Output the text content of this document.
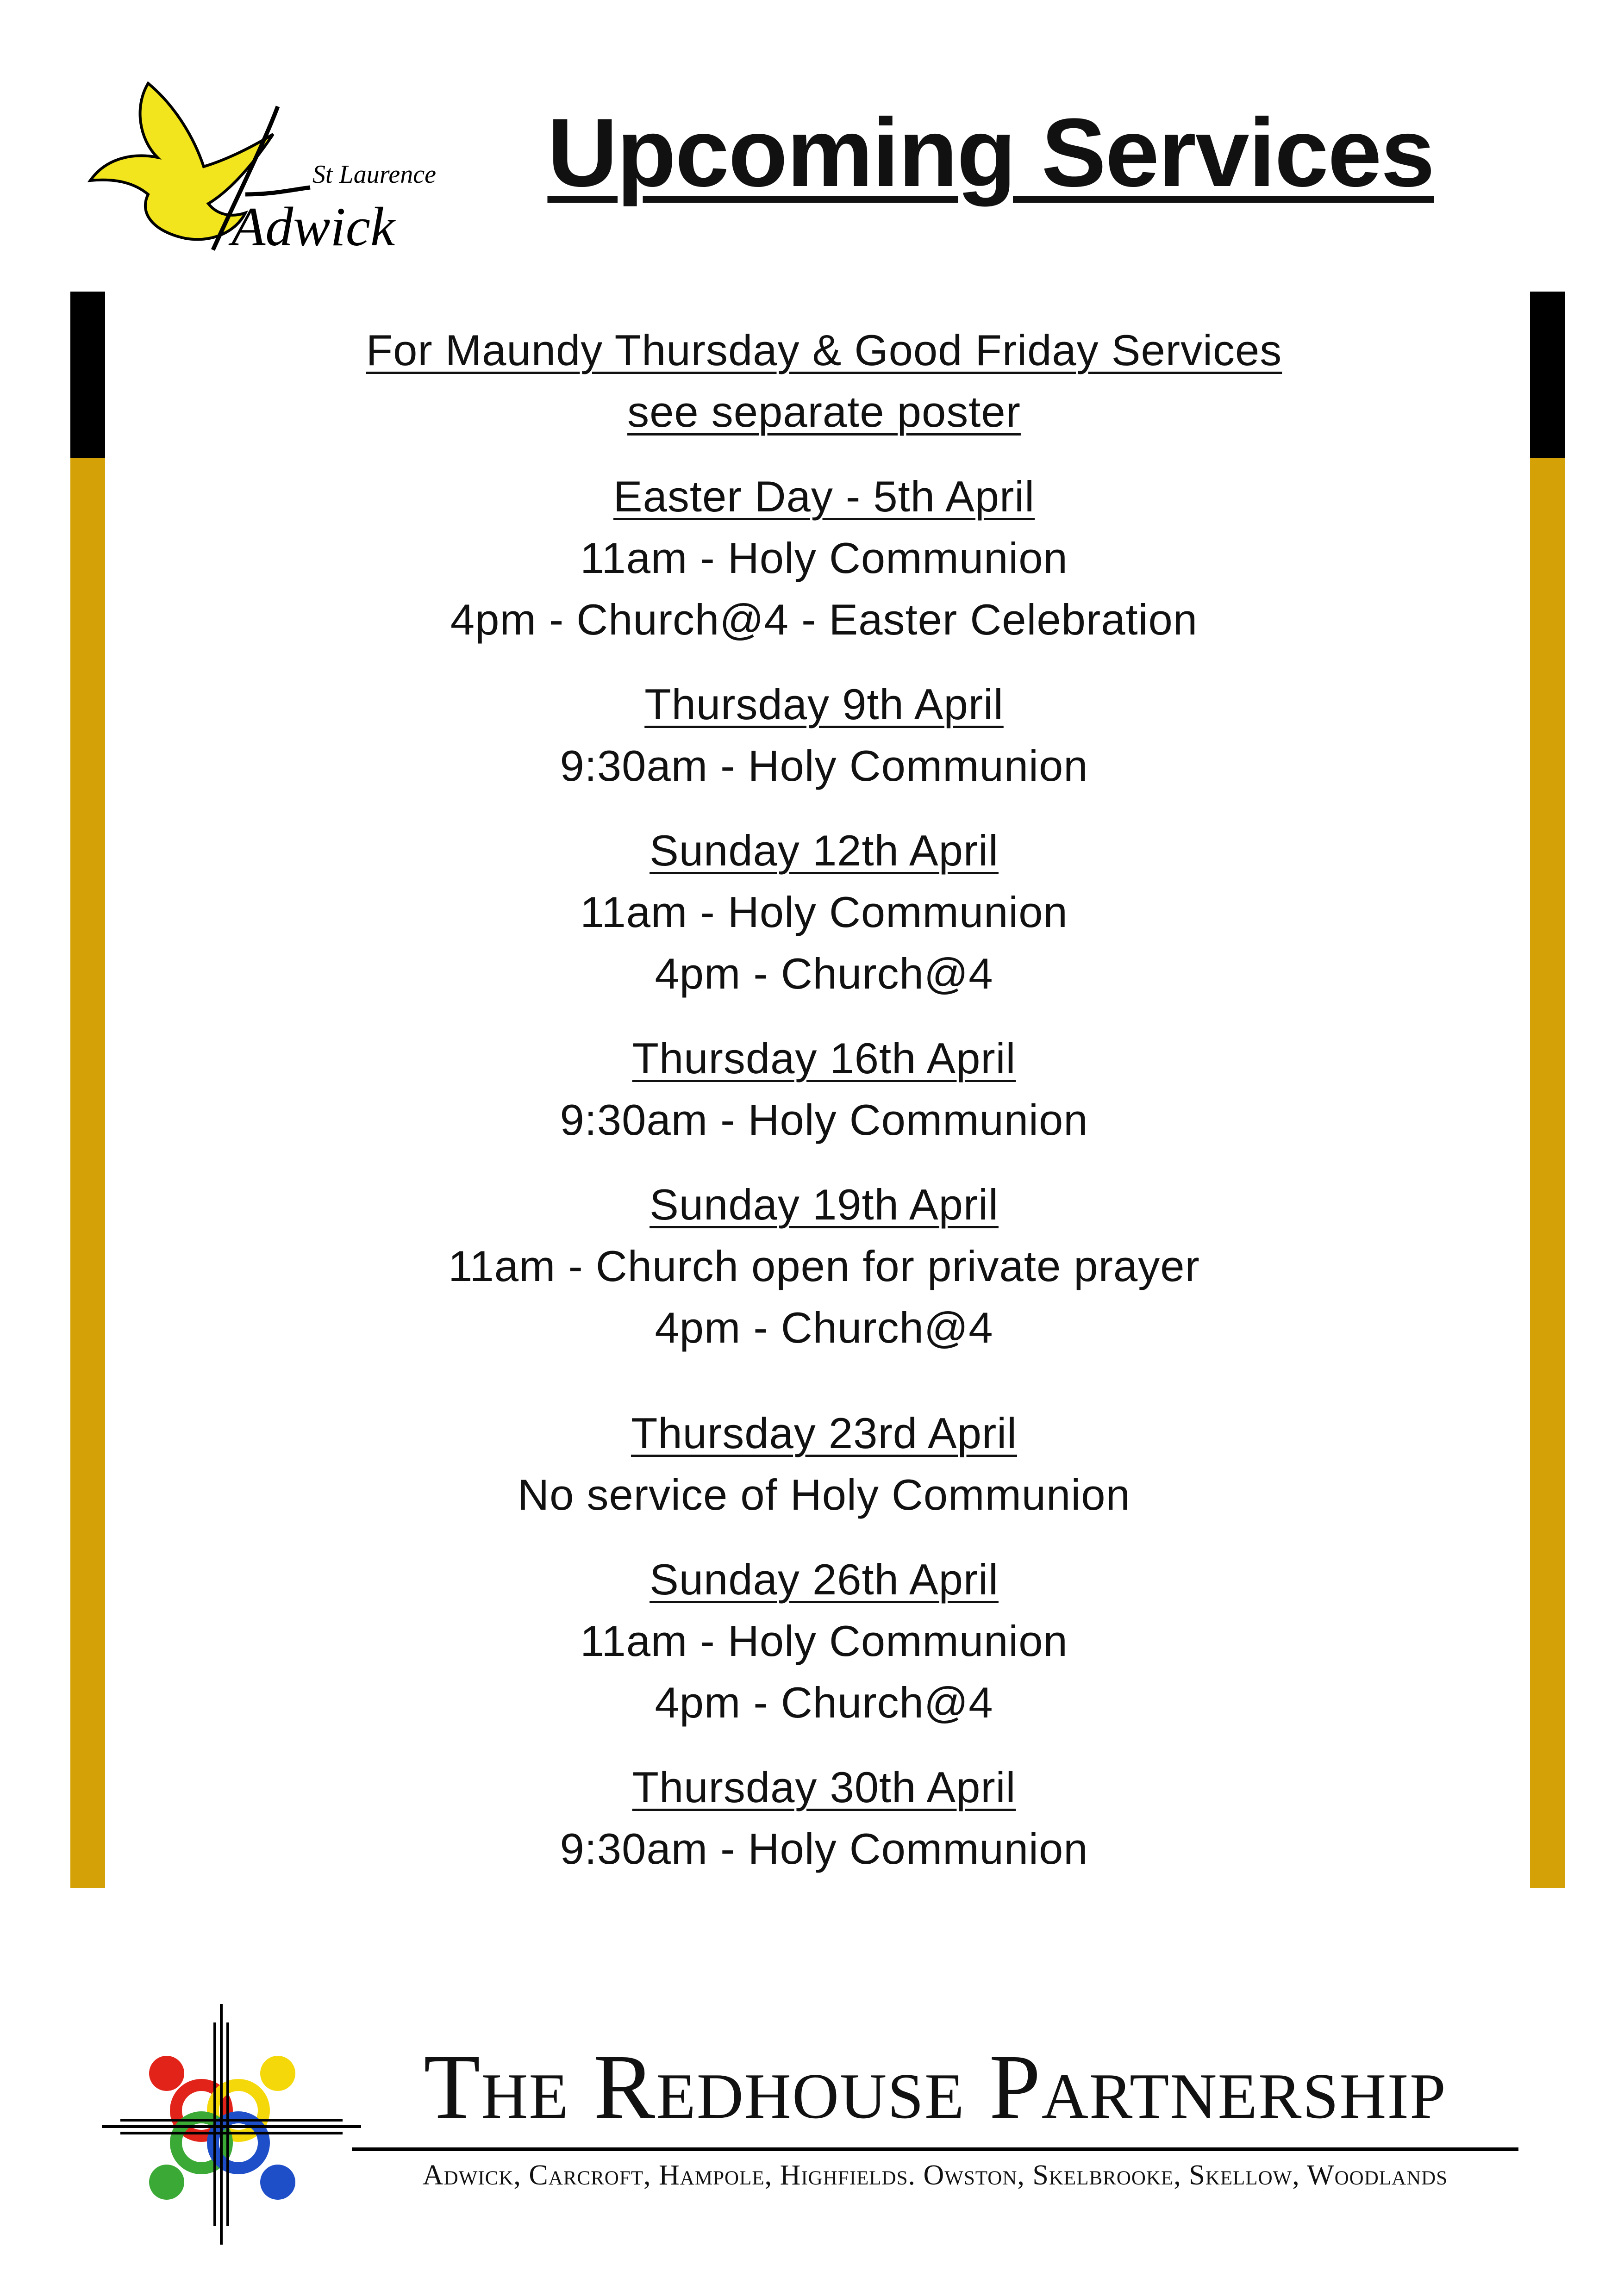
St Laurence
Adwick
Upcoming Services
For Maundy Thursday & Good Friday Services
see separate poster
Easter Day - 5th April
11am - Holy Communion
4pm - Church@4 - Easter Celebration
Thursday 9th April
9:30am - Holy Communion
Sunday 12th April
11am - Holy Communion
4pm - Church@4
Thursday 16th April
9:30am - Holy Communion
Sunday 19th April
11am - Church open for private prayer
4pm - Church@4
Thursday 23rd April
No service of Holy Communion
Sunday 26th April
11am - Holy Communion
4pm - Church@4
Thursday 30th April
9:30am - Holy Communion
The Redhouse Partnership
Adwick, Carcroft, Hampole, Highfields. Owston, Skelbrooke, Skellow, Woodlands
